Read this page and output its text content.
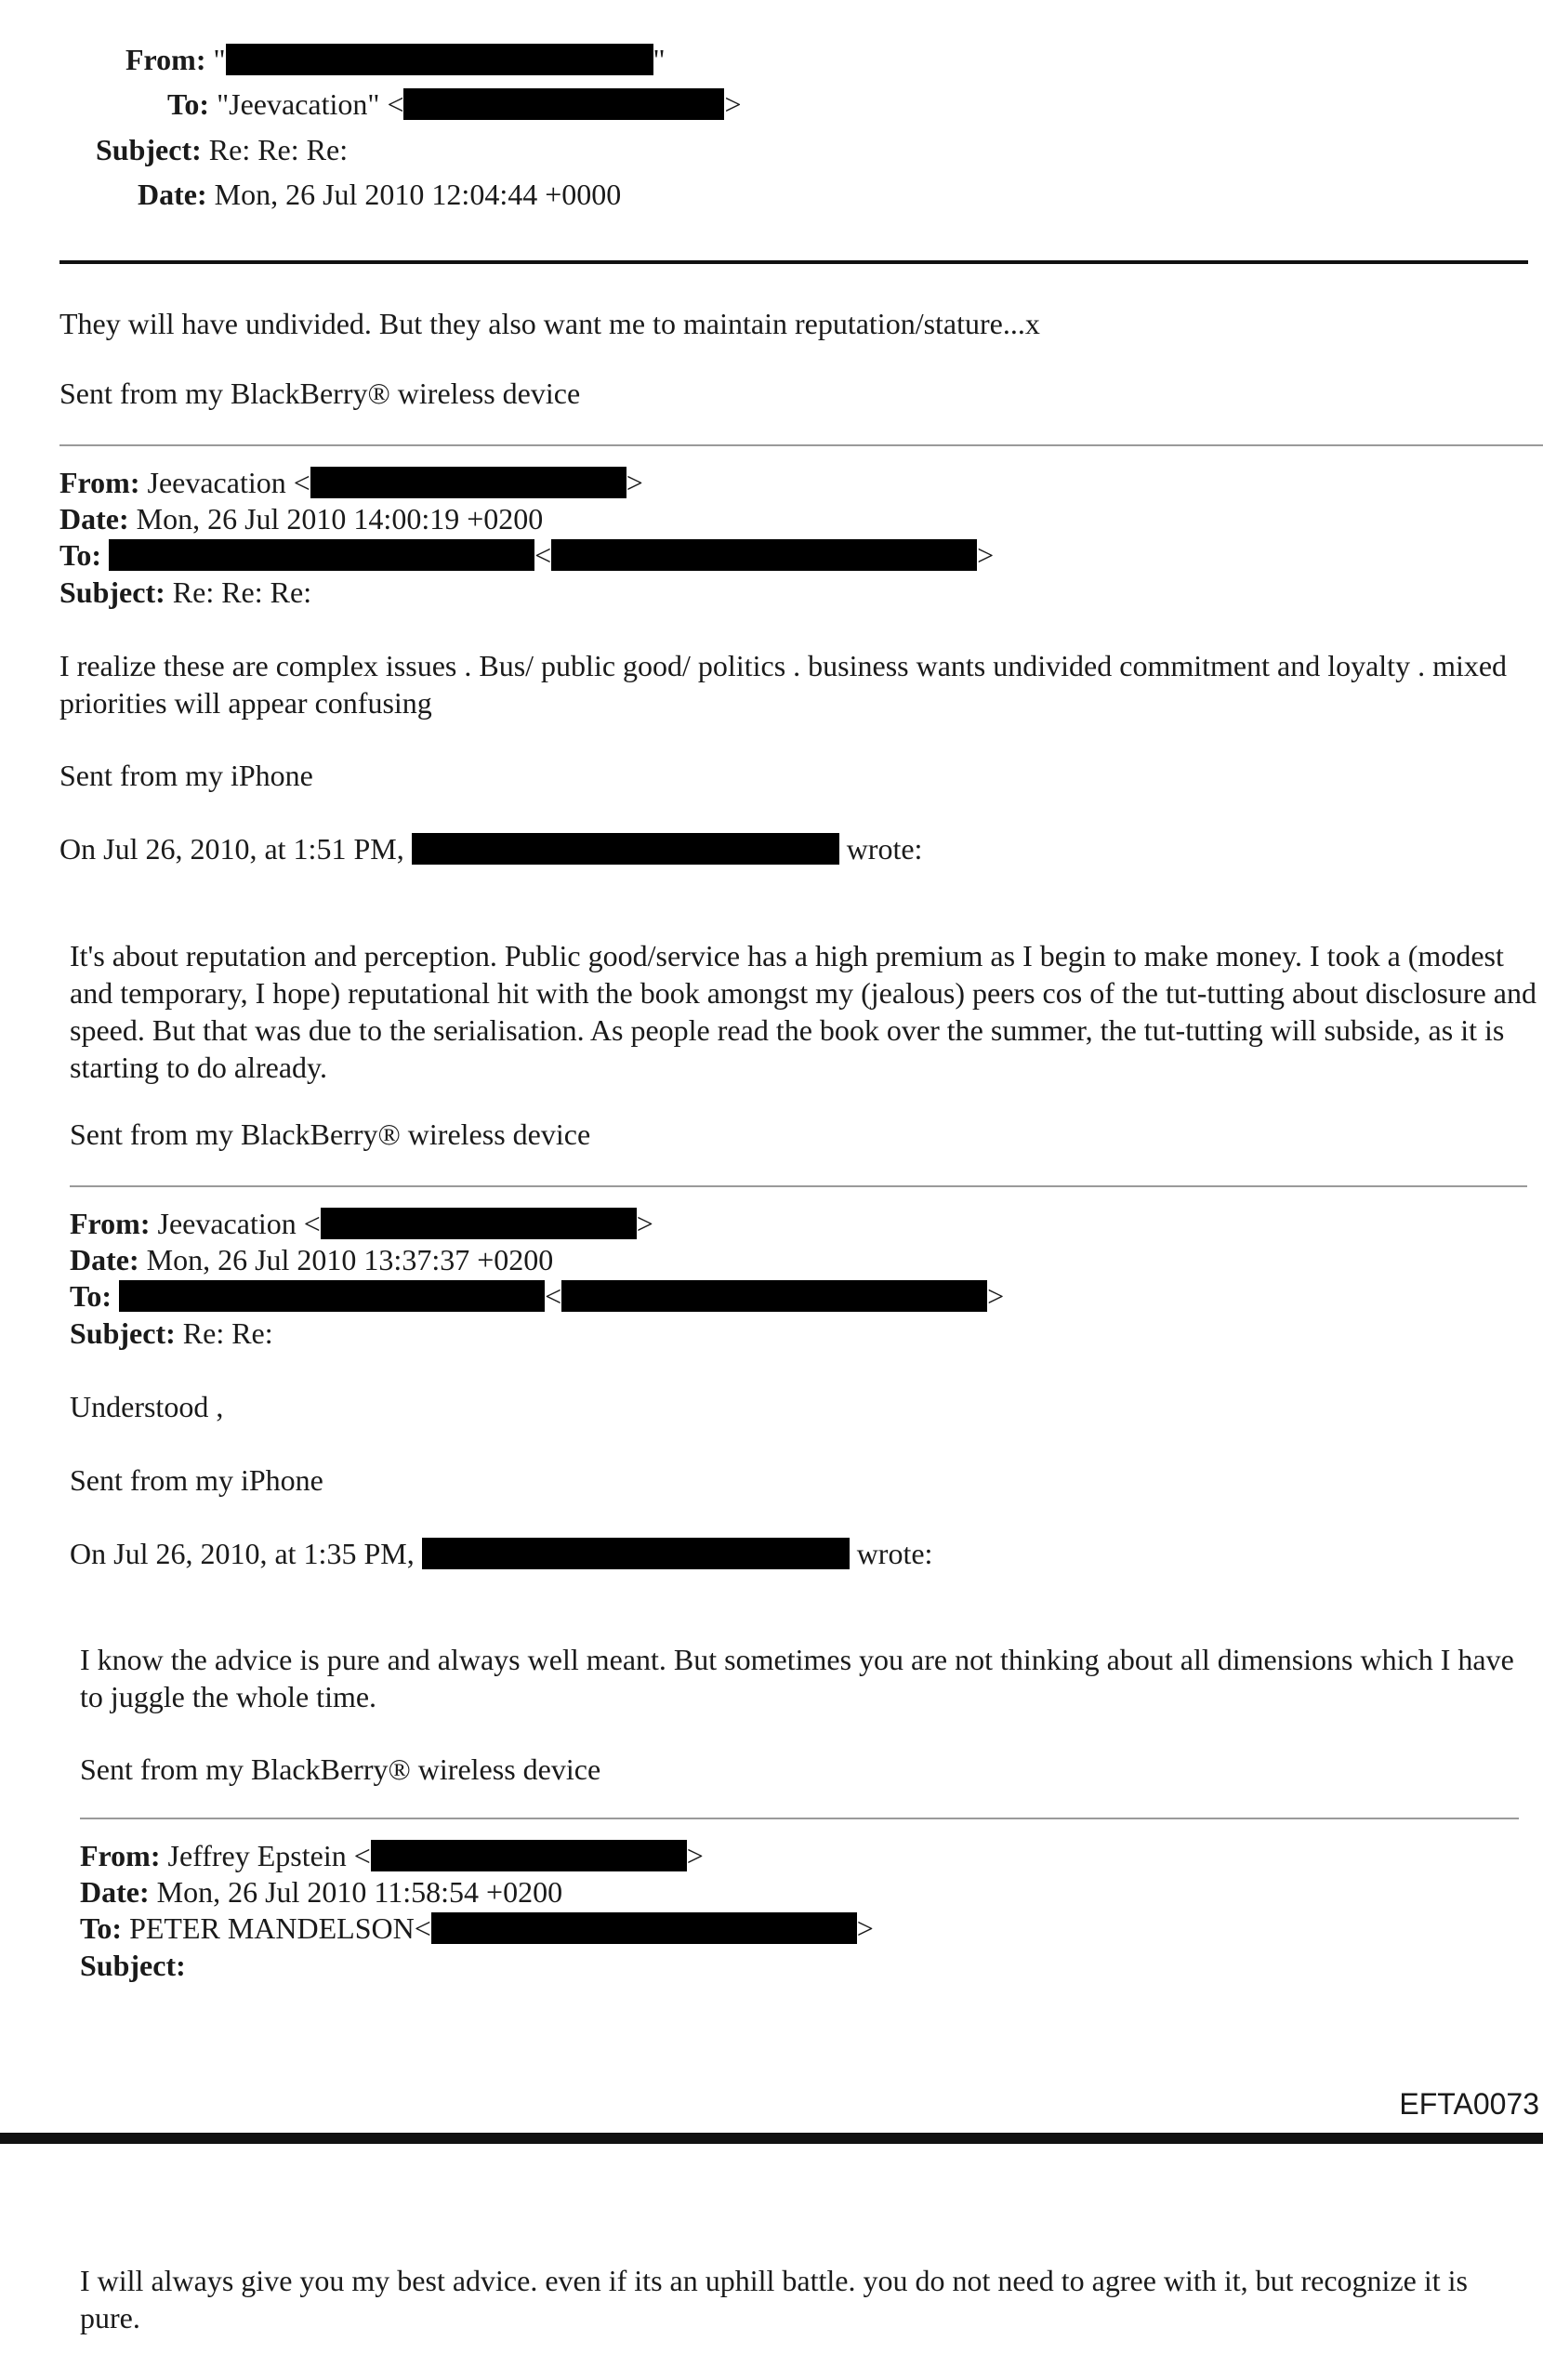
From: "	"
To: "Jeevacation" <	>
Subject: Re: Re: Re:
Date: Mon, 26 Jul 2010 12:04:44 +0000
They will have undivided. But they also want me to maintain reputation/stature...x
Sent from my BlackBerry® wireless device
From: Jeevacation <	>
Date: Mon, 26 Jul 2010 14:00:19 +0200
To:	<	>
Subject: Re: Re: Re:
I realize these are complex issues . Bus/ public good/ politics . business wants undivided commitment and loyalty . mixed priorities will appear confusing
Sent from my iPhone
On Jul 26, 2010, at 1:51 PM,	wrote:
It's about reputation and perception. Public good/service has a high premium as I begin to make money. I took a (modest and temporary, I hope) reputational hit with the book amongst my (jealous) peers cos of the tut-tutting about disclosure and speed. But that was due to the serialisation. As people read the book over the summer, the tut-tutting will subside, as it is starting to do already.
Sent from my BlackBerry® wireless device
From: Jeevacation <	>
Date: Mon, 26 Jul 2010 13:37:37 +0200
To:	<	>
Subject: Re: Re:
Understood ,
Sent from my iPhone
On Jul 26, 2010, at 1:35 PM,	wrote:
I know the advice is pure and always well meant. But sometimes you are not thinking about all dimensions which I have to juggle the whole time.
Sent from my BlackBerry® wireless device
From: Jeffrey Epstein <	>
Date: Mon, 26 Jul 2010 11:58:54 +0200
To: PETER MANDELSON<	>
Subject:
EFTA0073
I will always give you my best advice. even if its an uphill battle. you do not need to agree with it, but recognize it is pure.
